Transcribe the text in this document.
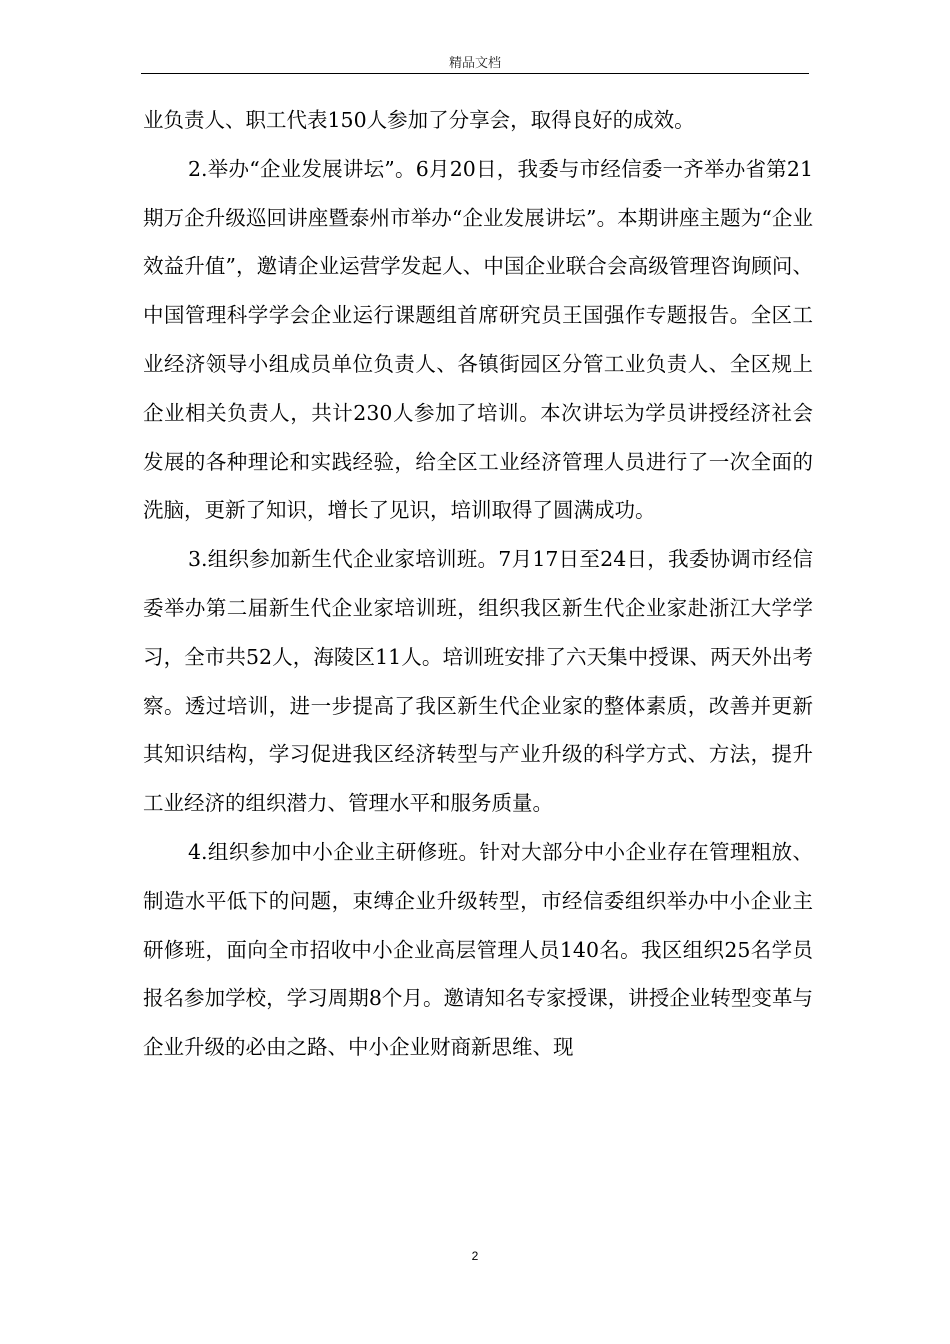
精品文档

业负责人、职工代表150人参加了分享会，取得良好的成效。

2.举办“企业发展讲坛”。6月20日，我委与市经信委一齐举办省第21期万企升级巡回讲座暨泰州市举办“企业发展讲坛”。本期讲座主题为“企业效益升值”，邀请企业运营学发起人、中国企业联合会高级管理咨询顾问、中国管理科学学会企业运行课题组首席研究员王国强作专题报告。全区工业经济领导小组成员单位负责人、各镇街园区分管工业负责人、全区规上企业相关负责人，共计230人参加了培训。本次讲坛为学员讲授经济社会发展的各种理论和实践经验，给全区工业经济管理人员进行了一次全面的洗脑，更新了知识，增长了见识，培训取得了圆满成功。

3.组织参加新生代企业家培训班。7月17日至24日，我委协调市经信委举办第二届新生代企业家培训班，组织我区新生代企业家赴浙江大学学习，全市共52人，海陵区11人。培训班安排了六天集中授课、两天外出考察。透过培训，进一步提高了我区新生代企业家的整体素质，改善并更新其知识结构，学习促进我区经济转型与产业升级的科学方式、方法，提升工业经济的组织潜力、管理水平和服务质量。

4.组织参加中小企业主研修班。针对大部分中小企业存在管理粗放、制造水平低下的问题，束缚企业升级转型，市经信委组织举办中小企业主研修班，面向全市招收中小企业高层管理人员140名。我区组织25名学员报名参加学校，学习周期8个月。邀请知名专家授课，讲授企业转型变革与企业升级的必由之路、中小企业财商新思维、现

2
